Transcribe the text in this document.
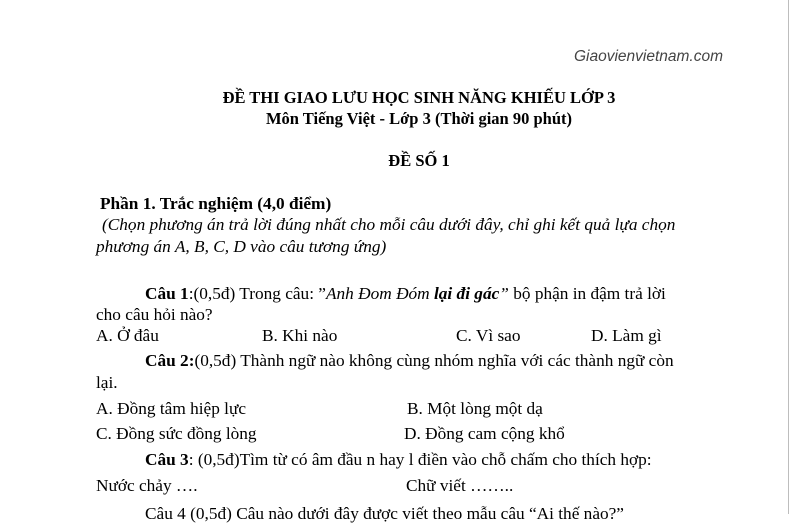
Giaovienvietnam.com
ĐỀ THI GIAO LƯU HỌC SINH NĂNG KHIẾU LỚP 3
Môn Tiếng Việt - Lớp 3 (Thời gian 90 phút)
ĐỀ SỐ 1
Phần 1. Trắc nghiệm (4,0 điểm)
(Chọn phương án trả lời đúng nhất cho mỗi câu dưới đây, chỉ ghi kết quả lựa chọn
phương án A, B, C, D vào câu tương ứng)
Câu 1:(0,5đ) Trong câu: ”Anh Đom Đóm lại đi gác” bộ phận in đậm trả lời
cho câu hỏi nào?
A. Ở đâu	B. Khi nào	C. Vì sao	D. Làm gì
Câu 2:(0,5đ) Thành ngữ nào không cùng nhóm nghĩa với các thành ngữ còn
lại.
A. Đồng tâm hiệp lực	B. Một lòng một dạ
C. Đồng sức đồng lòng	D. Đồng cam cộng khổ
Câu 3: (0,5đ)Tìm từ có âm đầu n hay l điền vào chỗ chấm cho thích hợp:
Nước chảy ….	Chữ viết ……..
Câu 4 (0,5đ) Câu nào dưới đây được viết theo mẫu câu “Ai thế nào?”
